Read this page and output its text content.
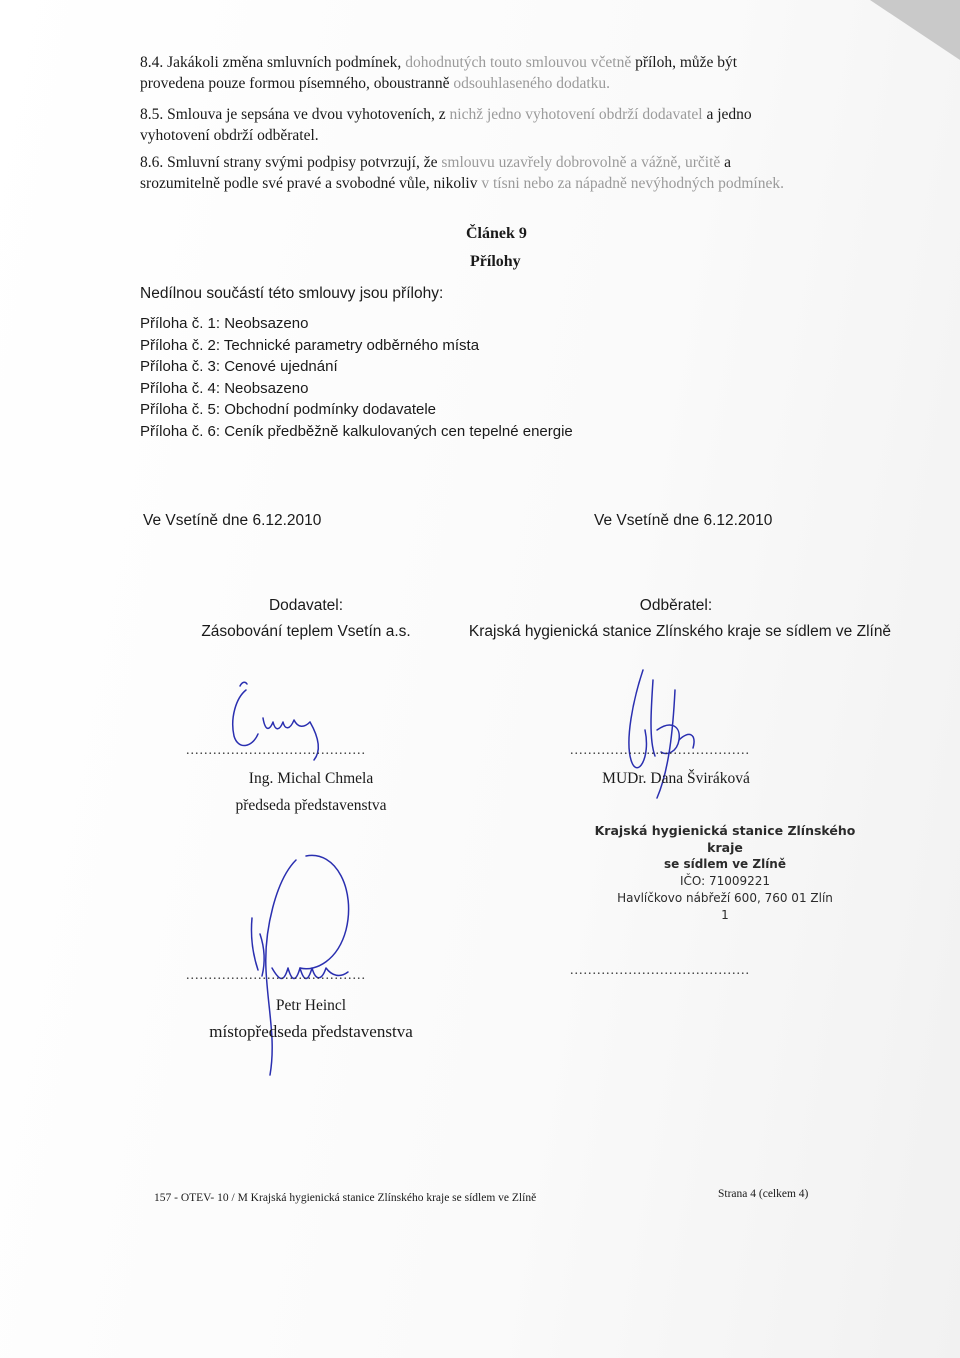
8.4. Jakákoli změna smluvních podmínek, dohodnutých touto smlouvou včetně příloh, může být

provedena pouze formou písemného, oboustranně odsouhlaseného dodatku.

8.5. Smlouva je sepsána ve dvou vyhotoveních, z nichž jedno vyhotovení obdrží dodavatel a jedno

vyhotovení obdrží odběratel.

8.6. Smluvní strany svými podpisy potvrzují, že smlouvu uzavřely dobrovolně a vážně, určitě a

srozumitelně podle své pravé a svobodné vůle, nikoliv v tísni nebo za nápadně nevýhodných podmínek.

Článek 9
Přílohy
Nedílnou součástí této smlouvy jsou přílohy:
Příloha č. 1: Neobsazeno
Příloha č. 2: Technické parametry odběrného místa
Příloha č. 3: Cenové ujednání
Příloha č. 4: Neobsazeno
Příloha č. 5: Obchodní podmínky dodavatele
Příloha č. 6: Ceník předběžně kalkulovaných cen tepelné energie
Ve Vsetíně dne 6.12.2010	Ve Vsetíně dne 6.12.2010
Dodavatel:
Zásobování teplem Vsetín a.s.
Odběratel:
Krajská hygienická stanice Zlínského kraje se sídlem ve Zlíně
........................................
Ing. Michal Chmela
předseda představenstva
........................................
MUDr. Dana Šviráková
Krajská hygienická stanice Zlínského kraje
se sídlem ve Zlíně
IČO: 71009221
Havlíčkovo nábřeží 600, 760 01 Zlín
1
........................................	........................................
Petr Heincl
místopředseda představenstva
157 - OTEV- 10 / M Krajská hygienická stanice Zlínského kraje se sídlem ve Zlíně	Strana 4 (celkem 4)
